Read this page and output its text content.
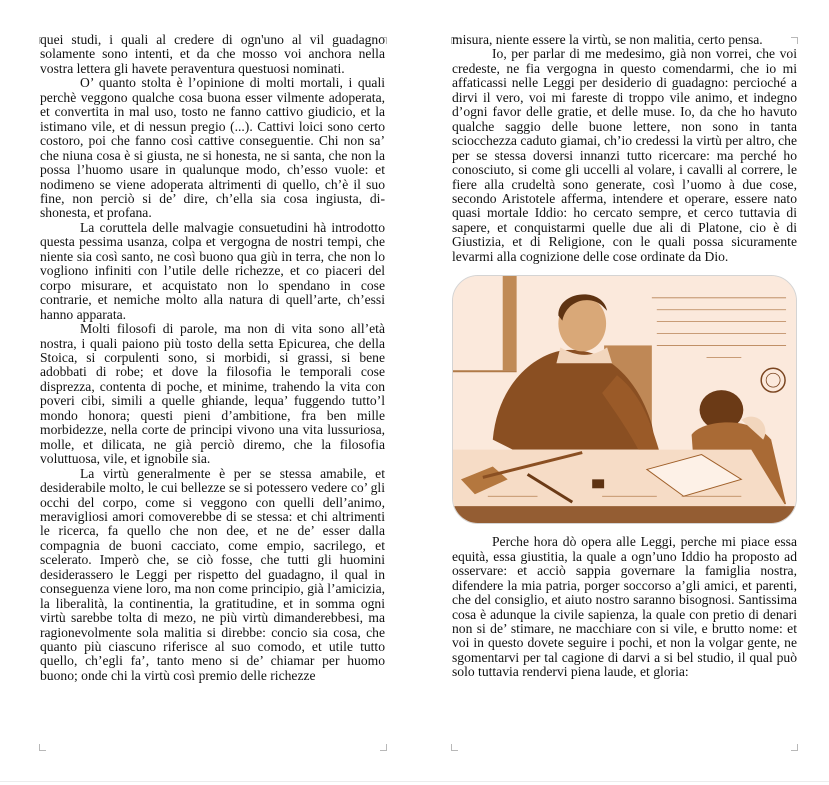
quei studi, i quali al credere di ogn'uno al vil guadagno solamente sono intenti, et da che mosso voi anchora nella vostra lettera gli havete peraventura questuosi nominati.

O’ quanto stolta è l’opinione di molti mortali, i quali perchè veggono qualche cosa buona esser vilmente adoperata, et convertita in mal uso, tosto ne fanno cattivo giudicio, et la istimano vile, et di nessun pregio (...). Cattivi loici sono certo costoro, poi che fanno così cattive conseguentie. Chi non sa’ che niuna cosa è si giusta, ne si honesta, ne si santa, che non la possa l’huomo usare in qualunque modo, ch’esso vuole: et nodimeno se viene adoperata altrimenti di quello, ch’è il suo fine, non perciò si de’ dire, ch’ella sia cosa ingiusta, dishonesta, et profana.

La coruttela delle malvagie consuetudini hà introdotto questa pessima usanza, colpa et vergogna de nostri tempi, che niente sia così santo, ne così buono qua giù in terra, che non lo vogliono infiniti con l’utile delle richezze, et co piaceri del corpo misurare, et acquistato non lo spendano in cose contrarie, et nemiche molto alla natura di quell’arte, ch’essi hanno apparata.

Molti filosofi di parole, ma non di vita sono all’età nostra, i quali paiono più tosto della setta Epicurea, che della Stoica, si corpulenti sono, si morbidi, si grassi, si bene adobbati di robe; et dove la filosofia le temporali cose disprezza, contenta di poche, et minime, trahendo la vita con poveri cibi, simili a quelle ghiande, lequa’ fuggendo tutto’l mondo honora; questi pieni d’ambitione, fra ben mille morbidezze, nella corte de principi vivono una vita lussuriosa, molle, et dilicata, ne già perciò diremo, che la filosofia voluttuosa, vile, et ignobile sia.

La virtù generalmente è per se stessa amabile, et desiderabile molto, le cui bellezze se si potessero vedere co’ gli occhi del corpo, come si veggono con quelli dell’animo, meravigliosi amori comoverebbe di se stessa: et chi altrimenti le ricerca, fa quello che non dee, et ne de’ esser dalla compagnia de buoni cacciato, come empio, sacrilego, et scelerato. Imperò che, se ciò fosse, che tutti gli huomini desiderassero le Leggi per rispetto del guadagno, il qual in conseguenza viene loro, ma non come principio, già l’amicizia, la liberalità, la continentia, la gratitudine, et in somma ogni virtù sarebbe tolta di mezo, ne più virtù dimanderebbesi, ma ragionevolmente sola malitia si direbbe: concio sia cosa, che quanto più ciascuno riferisce al suo comodo, et utile tutto quello, ch’egli fa’, tanto meno si de’ chiamar per huomo buono; onde chi la virtù così premio delle richezze

misura, niente essere la virtù, se non malitia, certo pensa.

Io, per parlar di me medesimo, già non vorrei, che voi credeste, ne fia vergogna in questo comendarmi, che io mi affaticassi nelle Leggi per desiderio di guadagno: percioché a dirvi il vero, voi mi fareste di troppo vile animo, et indegno d’ogni favor delle gratie, et delle muse. Io, da che ho havuto qualche saggio delle buone lettere, non sono in tanta sciocchezza caduto giamai, ch’io credessi la virtù per altro, che per se stessa doversi innanzi tutto ricercare: ma perché ho conosciuto, si come gli uccelli al volare, i cavalli al correre, le fiere alla crudeltà sono generate, così l’uomo à due cose, secondo Aristotele afferma, intendere et operare, essere nato quasi mortale Iddio: ho cercato sempre, et cerco tuttavia di sapere, et conquistarmi quelle due ali di Platone, cio è di Giustizia, et di Religione, con le quali possa sicuramente levarmi alla cognizione delle cose ordinate da Dio.

Perche hora dò opera alle Leggi, perche mi piace essa equità, essa giustitia, la quale a ogn’uno Iddio ha proposto ad osservare: et acciò sappia governare la famiglia nostra, difendere la mia patria, porger soccorso a’gli amici, et parenti, che del consiglio, et aiuto nostro saranno bisognosi. Santissima cosa è adunque la civile sapienza, la quale con pretio di denari non si de’ stimare, ne macchiare con si vile, e brutto nome: et voi in questo dovete seguire i pochi, et non la volgar gente, ne sgomentarvi per tal cagione di darvi a si bel studio, il qual può solo tuttavia rendervi piena laude, et gloria:
